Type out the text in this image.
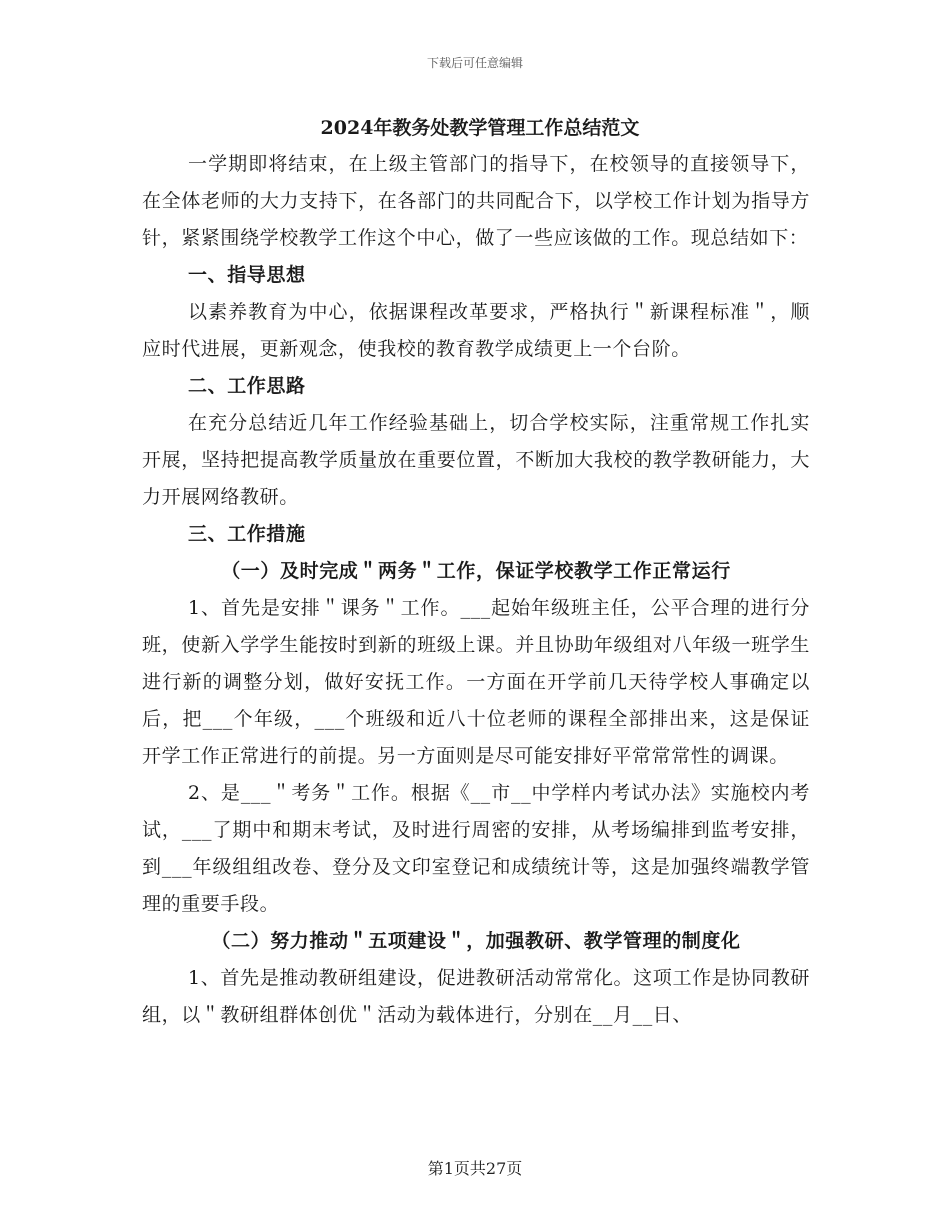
下载后可任意编辑
2024年教务处教学管理工作总结范文

一学期即将结束，在上级主管部门的指导下，在校领导的直接领导下，在全体老师的大力支持下，在各部门的共同配合下，以学校工作计划为指导方针，紧紧围绕学校教学工作这个中心，做了一些应该做的工作。现总结如下：

一、指导思想

以素养教育为中心，依据课程改革要求，严格执行＂新课程标准＂，顺应时代进展，更新观念，使我校的教育教学成绩更上一个台阶。

二、工作思路

在充分总结近几年工作经验基础上，切合学校实际，注重常规工作扎实开展，坚持把提高教学质量放在重要位置，不断加大我校的教学教研能力，大力开展网络教研。

三、工作措施

（一）及时完成＂两务＂工作，保证学校教学工作正常运行

1、首先是安排＂课务＂工作。___起始年级班主任，公平合理的进行分班，使新入学学生能按时到新的班级上课。并且协助年级组对八年级一班学生进行新的调整分划，做好安抚工作。一方面在开学前几天待学校人事确定以后，把___个年级，___个班级和近八十位老师的课程全部排出来，这是保证开学工作正常进行的前提。另一方面则是尽可能安排好平常常常性的调课。

2、是___＂考务＂工作。根据《__市__中学样内考试办法》实施校内考试，___了期中和期末考试，及时进行周密的安排，从考场编排到监考安排，到___年级组组改卷、登分及文印室登记和成绩统计等，这是加强终端教学管理的重要手段。

（二）努力推动＂五项建设＂，加强教研、教学管理的制度化

1、首先是推动教研组建设，促进教研活动常常化。这项工作是协同教研组，以＂教研组群体创优＂活动为载体进行，分别在__月__日、

第1页共27页
